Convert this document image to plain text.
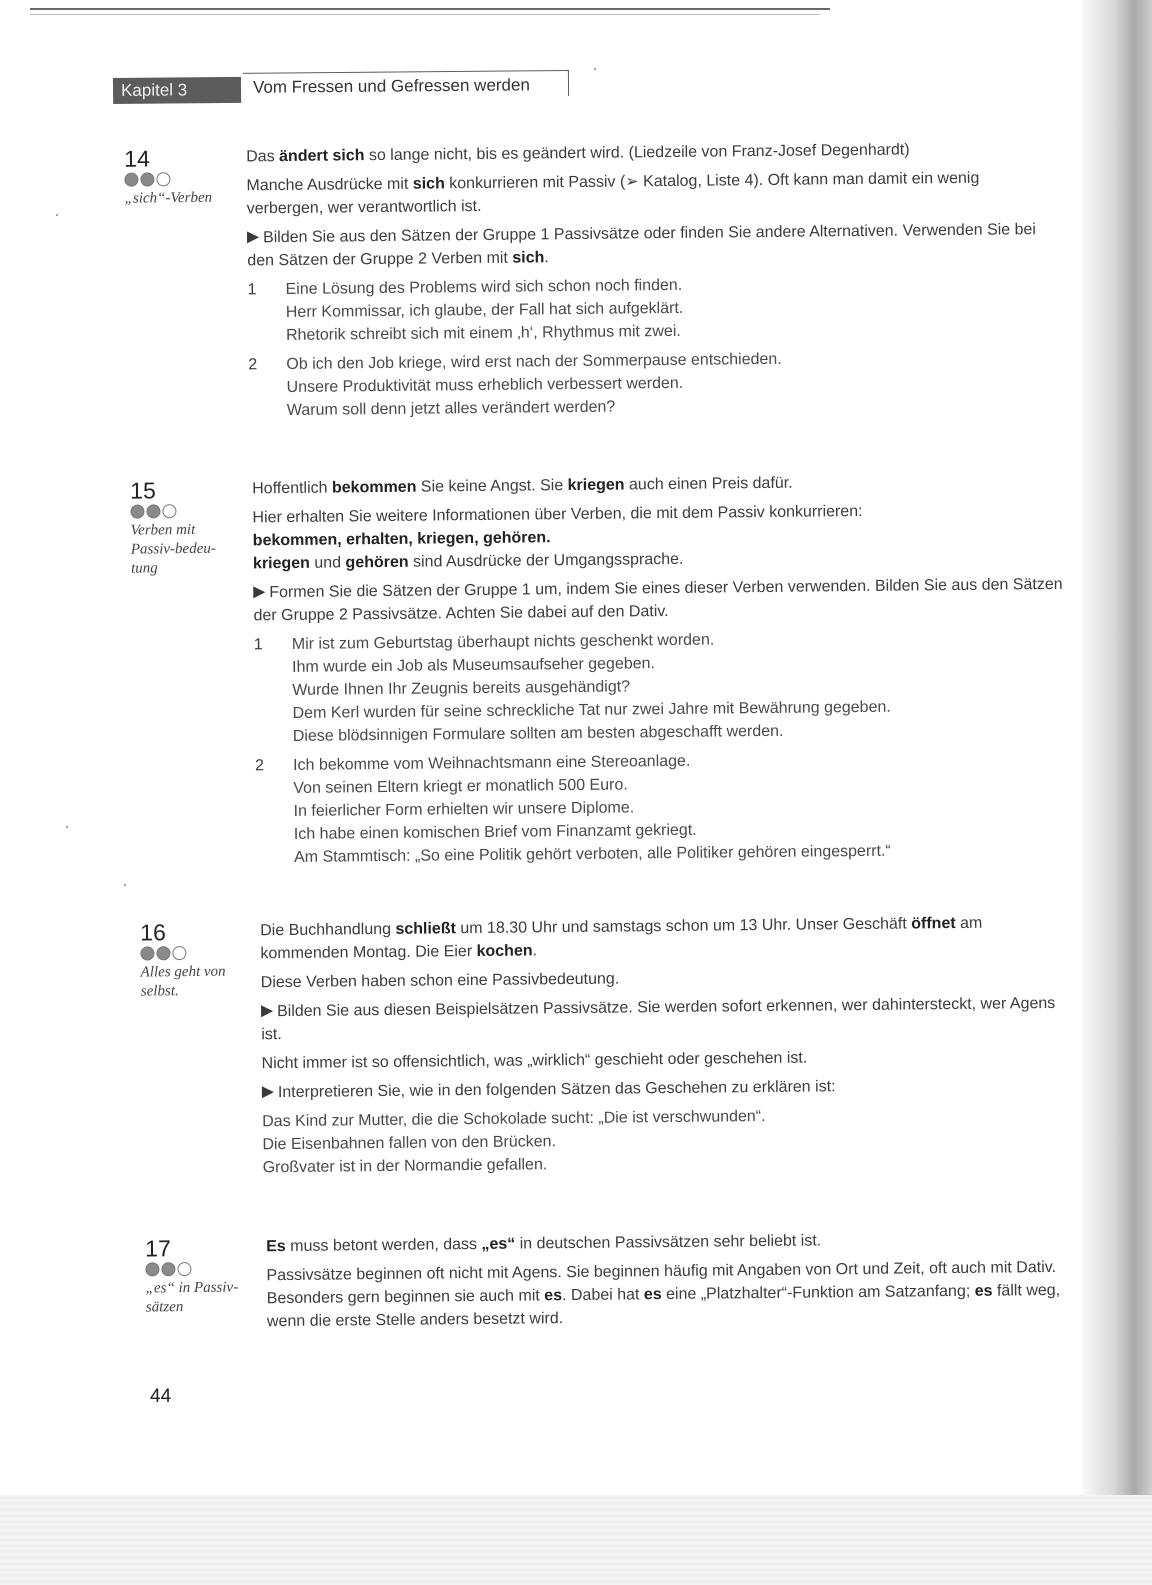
Kapitel 3	Vom Fressen und Gefressen werden
14
„sich“-Verben

Das ändert sich so lange nicht, bis es geändert wird. (Liedzeile von Franz-Josef Degenhardt)

Manche Ausdrücke mit sich konkurrieren mit Passiv (➢ Katalog, Liste 4). Oft kann man damit ein wenig verbergen, wer verantwortlich ist.

Bilden Sie aus den Sätzen der Gruppe 1 Passivsätze oder finden Sie andere Alternativen. Verwenden Sie bei den Sätzen der Gruppe 2 Verben mit sich.

1 Eine Lösung des Problems wird sich schon noch finden.
Herr Kommissar, ich glaube, der Fall hat sich aufgeklärt.
Rhetorik schreibt sich mit einem ‚h‘, Rhythmus mit zwei.
2 Ob ich den Job kriege, wird erst nach der Sommerpause entschieden.
Unsere Produktivität muss erheblich verbessert werden.
Warum soll denn jetzt alles verändert werden?
15
Verben mit
Passiv-bedeu-
tung

Hoffentlich bekommen Sie keine Angst. Sie kriegen auch einen Preis dafür.

Hier erhalten Sie weitere Informationen über Verben, die mit dem Passiv konkurrieren:
bekommen, erhalten, kriegen, gehören.
kriegen und gehören sind Ausdrücke der Umgangssprache.

Formen Sie die Sätzen der Gruppe 1 um, indem Sie eines dieser Verben verwenden. Bilden Sie aus den Sätzen der Gruppe 2 Passivsätze. Achten Sie dabei auf den Dativ.

1 Mir ist zum Geburtstag überhaupt nichts geschenkt worden.
Ihm wurde ein Job als Museumsaufseher gegeben.
Wurde Ihnen Ihr Zeugnis bereits ausgehändigt?
Dem Kerl wurden für seine schreckliche Tat nur zwei Jahre mit Bewährung gegeben.
Diese blödsinnigen Formulare sollten am besten abgeschafft werden.
2 Ich bekomme vom Weihnachtsmann eine Stereoanlage.
Von seinen Eltern kriegt er monatlich 500 Euro.
In feierlicher Form erhielten wir unsere Diplome.
Ich habe einen komischen Brief vom Finanzamt gekriegt.
Am Stammtisch: „So eine Politik gehört verboten, alle Politiker gehören eingesperrt.“
16
Alles geht von
selbst.

Die Buchhandlung schließt um 18.30 Uhr und samstags schon um 13 Uhr. Unser Geschäft öffnet am kommenden Montag. Die Eier kochen.

Diese Verben haben schon eine Passivbedeutung.

Bilden Sie aus diesen Beispielsätzen Passivsätze. Sie werden sofort erkennen, wer dahintersteckt, wer Agens ist.

Nicht immer ist so offensichtlich, was „wirklich“ geschieht oder geschehen ist.

Interpretieren Sie, wie in den folgenden Sätzen das Geschehen zu erklären ist:

Das Kind zur Mutter, die die Schokolade sucht: „Die ist verschwunden“.
Die Eisenbahnen fallen von den Brücken.
Großvater ist in der Normandie gefallen.
17
„es“ in Passiv-
sätzen

Es muss betont werden, dass „es“ in deutschen Passivsätzen sehr beliebt ist.

Passivsätze beginnen oft nicht mit Agens. Sie beginnen häufig mit Angaben von Ort und Zeit, oft auch mit Dativ. Besonders gern beginnen sie auch mit es. Dabei hat es eine „Platzhalter“-Funktion am Satzanfang; es fällt weg, wenn die erste Stelle anders besetzt wird.

44
